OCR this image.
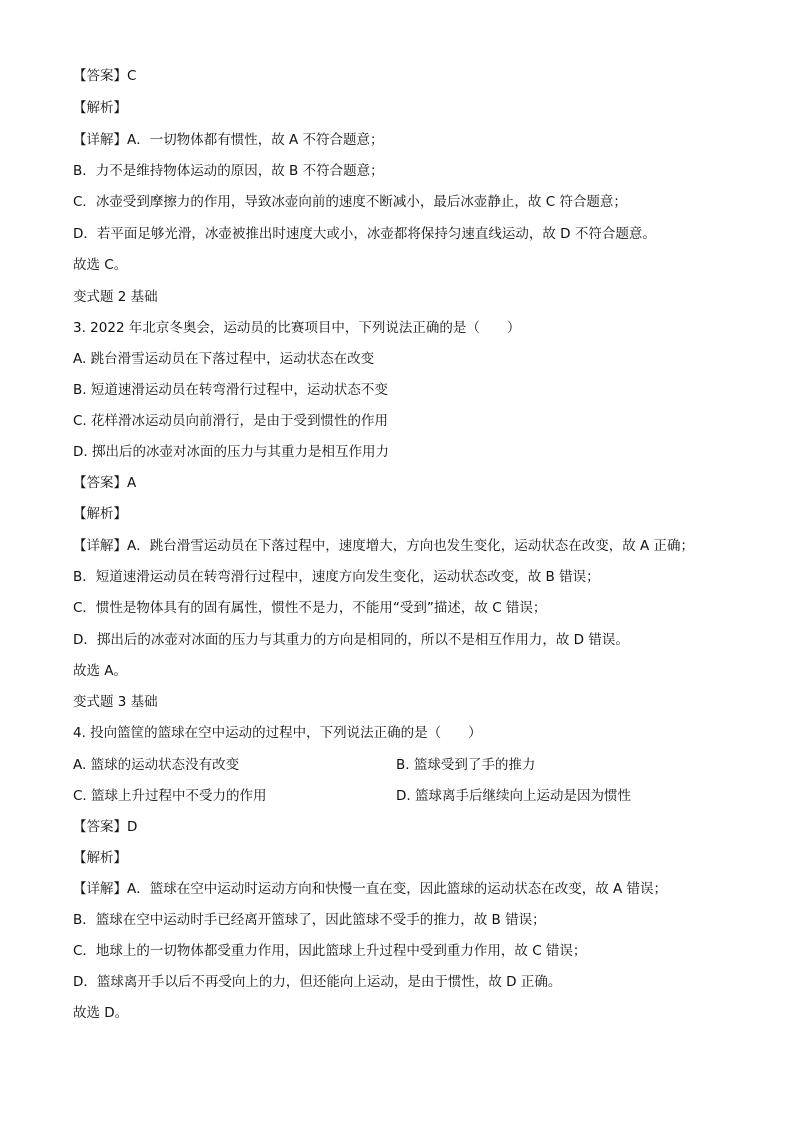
【答案】C
【解析】
【详解】A．一切物体都有惯性，故 A 不符合题意；
B．力不是维持物体运动的原因，故 B 不符合题意；
C．冰壶受到摩擦力的作用，导致冰壶向前的速度不断减小，最后冰壶静止，故 C 符合题意；
D．若平面足够光滑，冰壶被推出时速度大或小，冰壶都将保持匀速直线运动，故 D 不符合题意。
故选 C。
变式题 2 基础
3. 2022 年北京冬奥会，运动员的比赛项目中，下列说法正确的是（　　）
A. 跳台滑雪运动员在下落过程中，运动状态在改变
B. 短道速滑运动员在转弯滑行过程中，运动状态不变
C. 花样滑冰运动员向前滑行，是由于受到惯性的作用
D. 掷出后的冰壶对冰面的压力与其重力是相互作用力
【答案】A
【解析】
【详解】A．跳台滑雪运动员在下落过程中，速度增大，方向也发生变化，运动状态在改变，故 A 正确；
B．短道速滑运动员在转弯滑行过程中，速度方向发生变化，运动状态改变，故 B 错误；
C．惯性是物体具有的固有属性，惯性不是力，不能用“受到”描述，故 C 错误；
D．掷出后的冰壶对冰面的压力与其重力的方向是相同的，所以不是相互作用力，故 D 错误。
故选 A。
变式题 3 基础
4. 投向篮筐的篮球在空中运动的过程中，下列说法正确的是（　　）
A. 篮球的运动状态没有改变	B. 篮球受到了手的推力
C. 篮球上升过程中不受力的作用	D. 篮球离手后继续向上运动是因为惯性
【答案】D
【解析】
【详解】A．篮球在空中运动时运动方向和快慢一直在变，因此篮球的运动状态在改变，故 A 错误；
B．篮球在空中运动时手已经离开篮球了，因此篮球不受手的推力，故 B 错误；
C．地球上的一切物体都受重力作用，因此篮球上升过程中受到重力作用，故 C 错误；
D．篮球离开手以后不再受向上的力，但还能向上运动，是由于惯性，故 D 正确。
故选 D。
